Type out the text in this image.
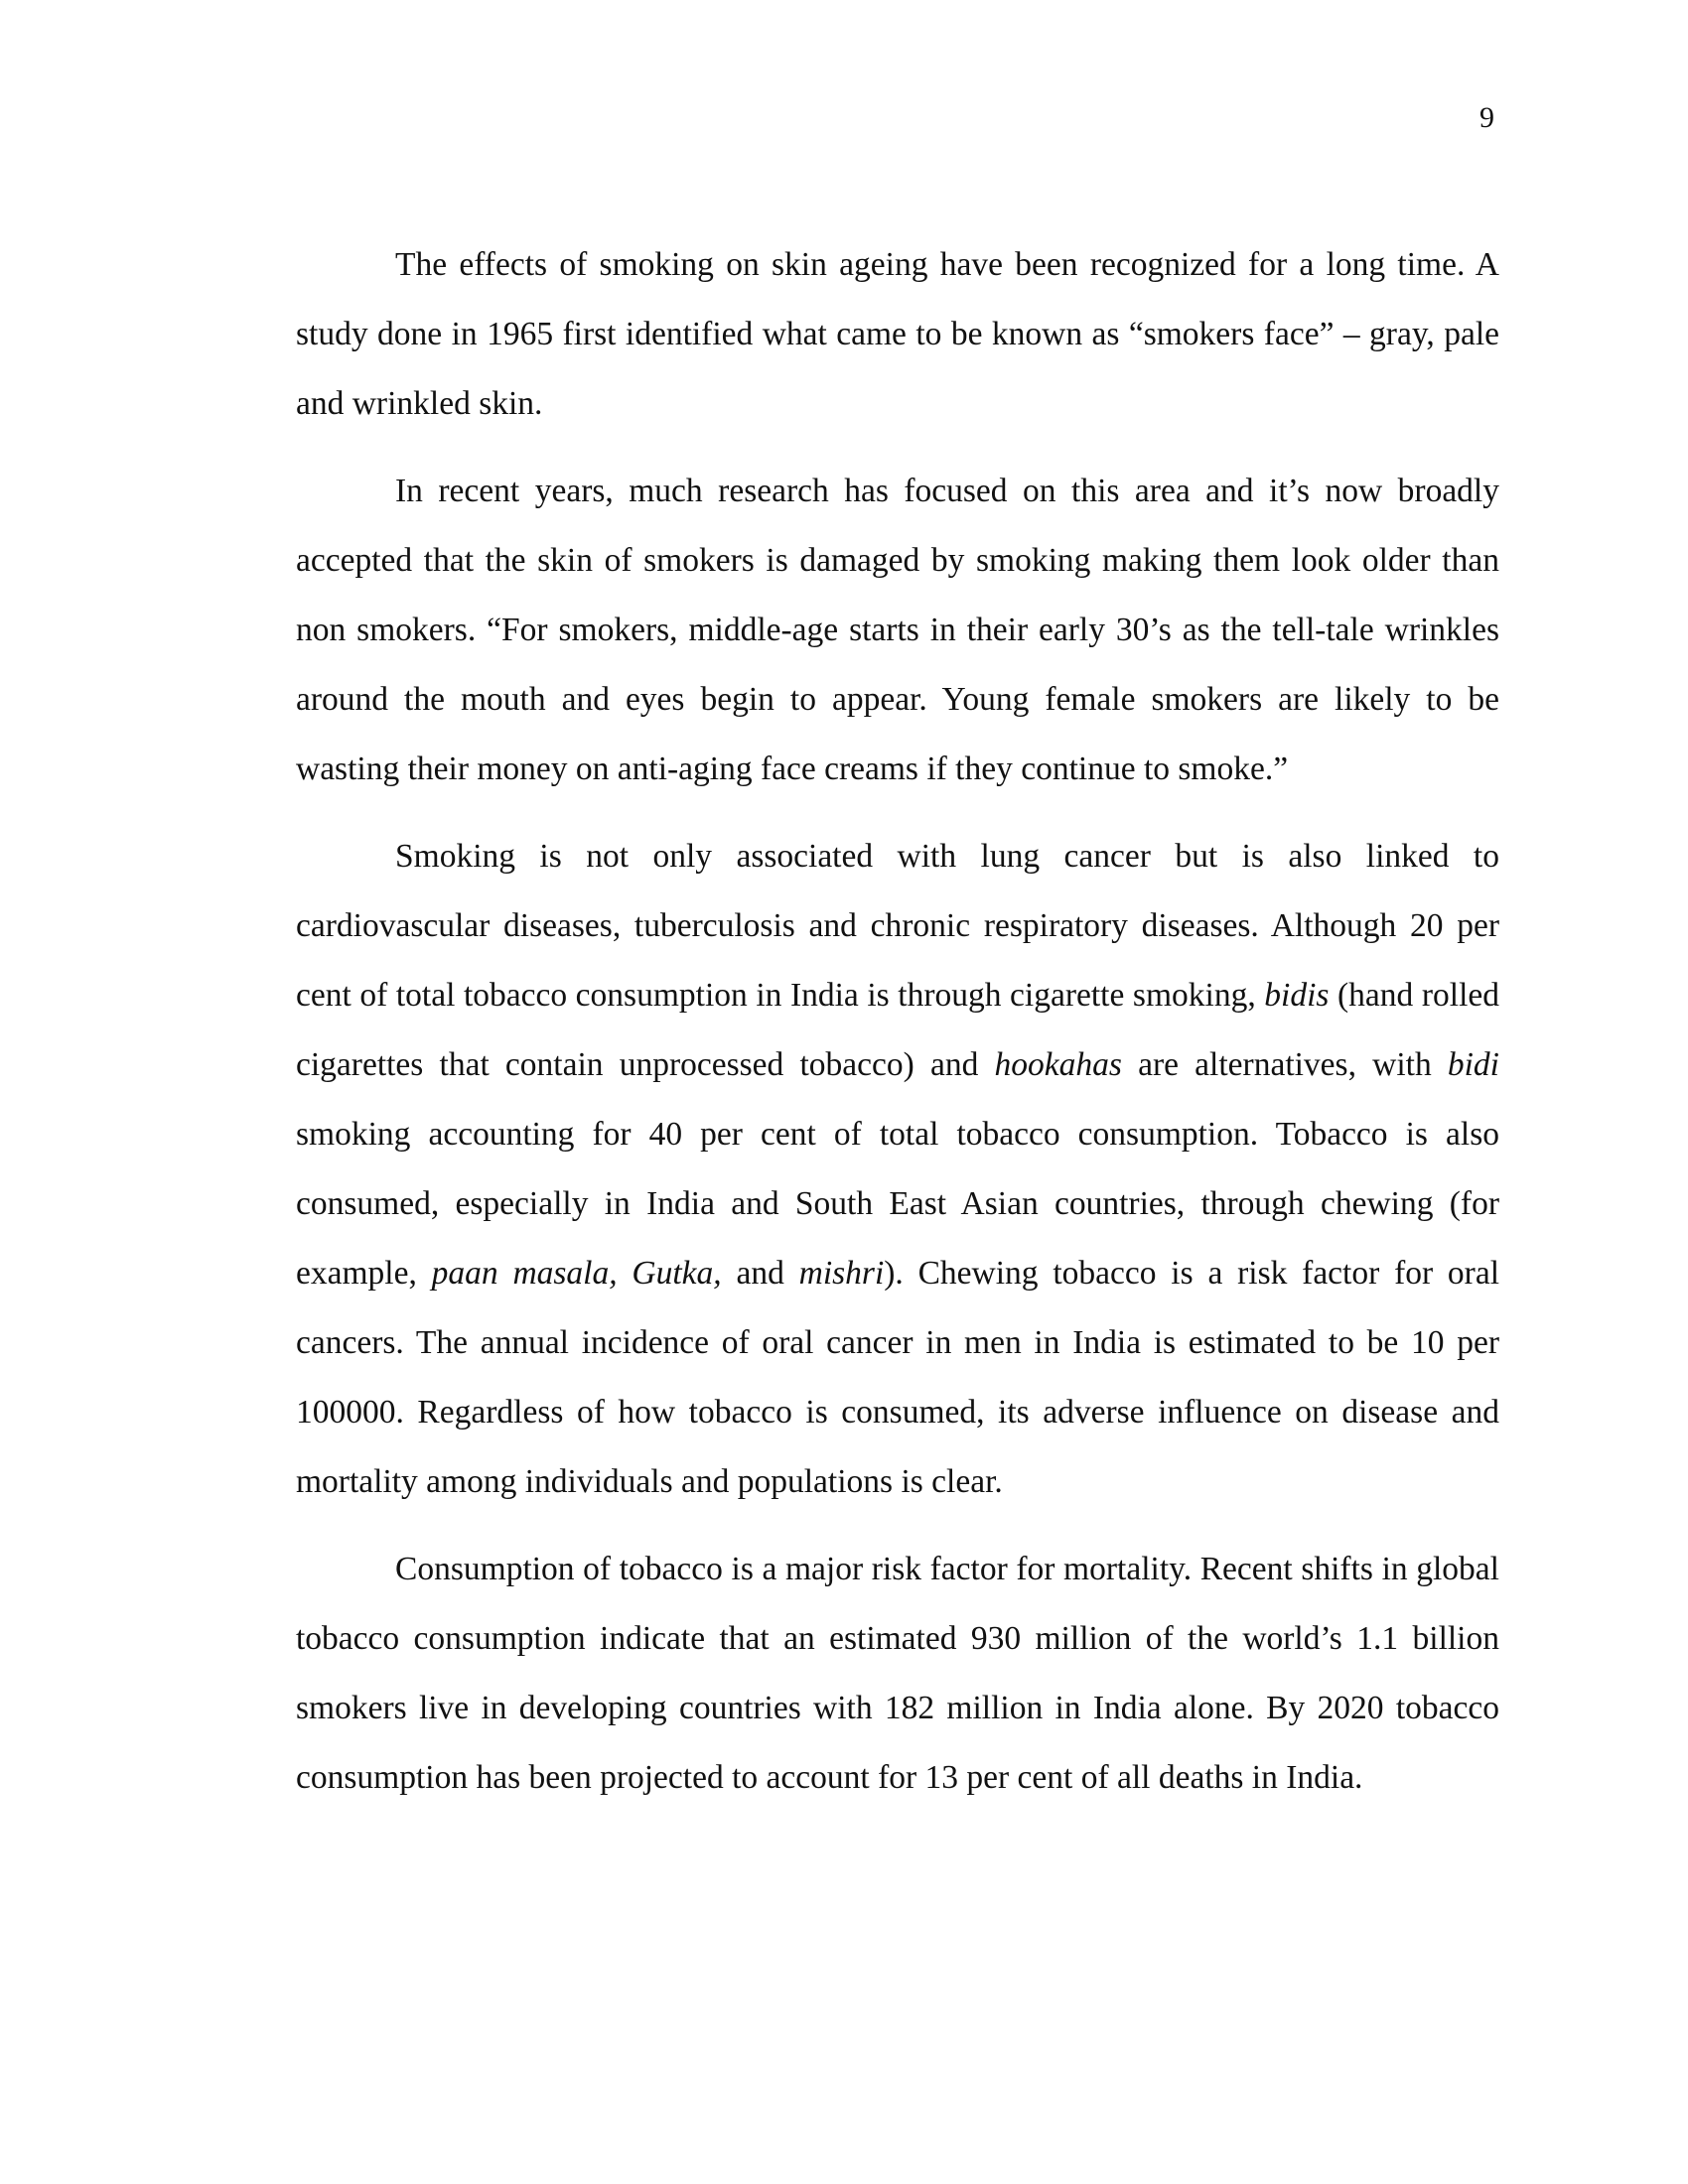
9

The effects of smoking on skin ageing have been recognized for a long time. A study done in 1965 first identified what came to be known as “smokers face” – gray, pale and wrinkled skin.

In recent years, much research has focused on this area and it’s now broadly accepted that the skin of smokers is damaged by smoking making them look older than non smokers. “For smokers, middle-age starts in their early 30’s as the tell-tale wrinkles around the mouth and eyes begin to appear. Young female smokers are likely to be wasting their money on anti-aging face creams if they continue to smoke.”

Smoking is not only associated with lung cancer but is also linked to cardiovascular diseases, tuberculosis and chronic respiratory diseases. Although 20 per cent of total tobacco consumption in India is through cigarette smoking, bidis (hand rolled cigarettes that contain unprocessed tobacco) and hookahas are alternatives, with bidi smoking accounting for 40 per cent of total tobacco consumption. Tobacco is also consumed, especially in India and South East Asian countries, through chewing (for example, paan masala, Gutka, and mishri). Chewing tobacco is a risk factor for oral cancers. The annual incidence of oral cancer in men in India is estimated to be 10 per 100000. Regardless of how tobacco is consumed, its adverse influence on disease and mortality among individuals and populations is clear.

Consumption of tobacco is a major risk factor for mortality. Recent shifts in global tobacco consumption indicate that an estimated 930 million of the world’s 1.1 billion smokers live in developing countries with 182 million in India alone. By 2020 tobacco consumption has been projected to account for 13 per cent of all deaths in India.
